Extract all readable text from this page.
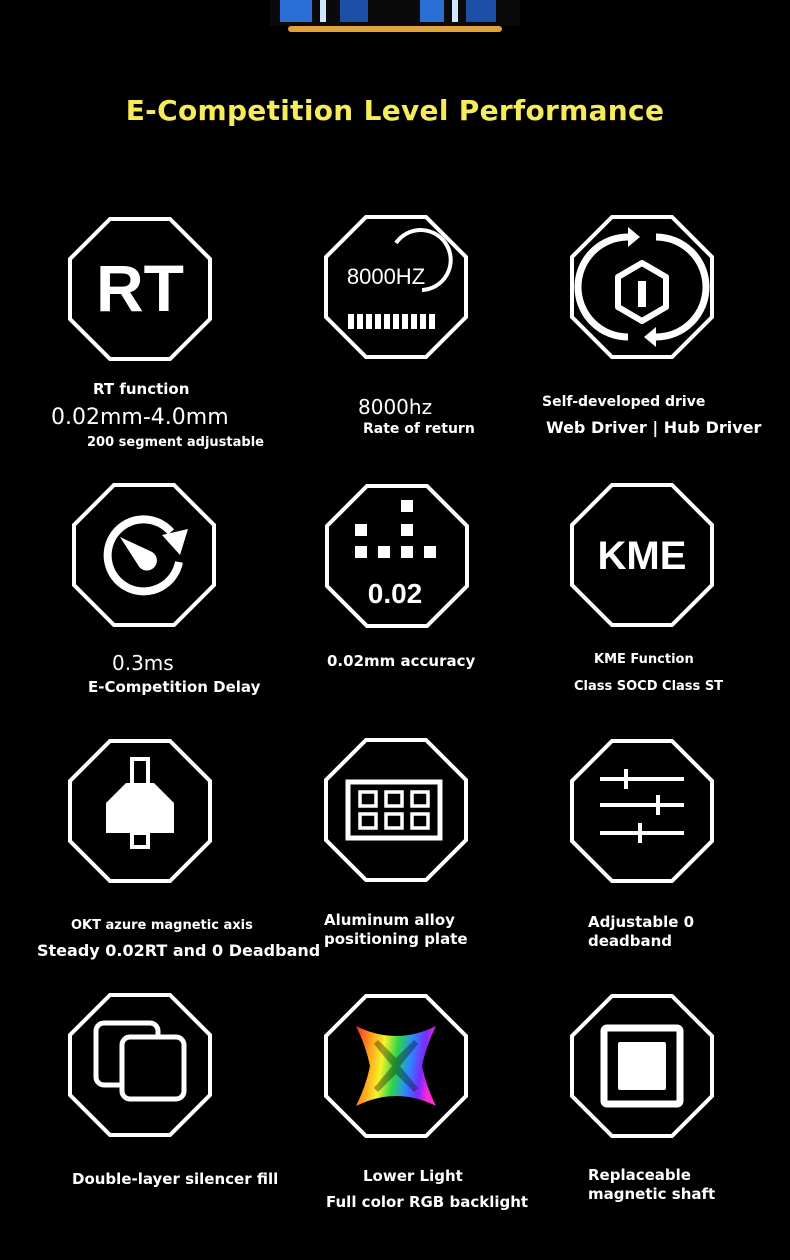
E-Competition Level Performance
RT	8000HZ
RT function
0.02mm-4.0mm
200 segment adjustable
8000hz
Rate of return
Self-developed drive
Web Driver | Hub Driver
0.02
KME
0.3ms
E-Competition Delay
0.02mm accuracy	KME Function
Class SOCD Class ST
OKT azure magnetic axis
Steady 0.02RT and 0 Deadband
Aluminum alloy
positioning plate
Adjustable 0
deadband
Double-layer silencer fill	Lower Light
Full color RGB backlight
Replaceable
magnetic shaft
